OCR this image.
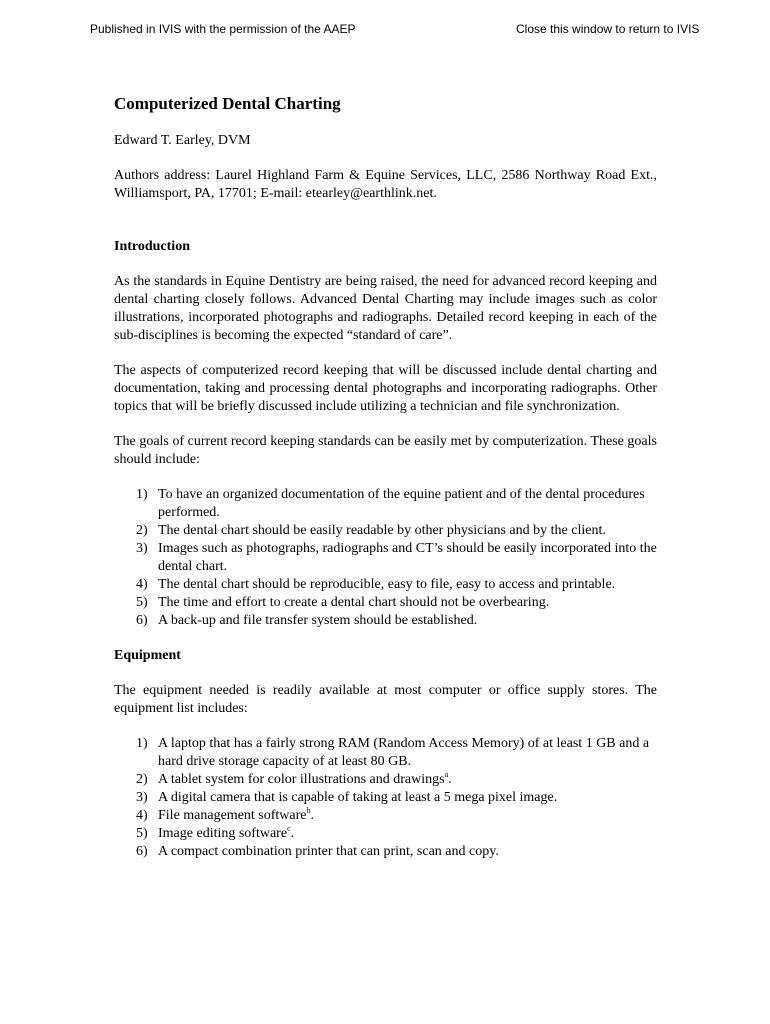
Published in IVIS with the permission of the AAEP	Close this window to return to IVIS
Computerized Dental Charting

Edward T. Earley, DVM

Authors address: Laurel Highland Farm & Equine Services, LLC, 2586 Northway Road Ext., Williamsport, PA, 17701; E-mail: etearley@earthlink.net.

Introduction

As the standards in Equine Dentistry are being raised, the need for advanced record keeping and dental charting closely follows. Advanced Dental Charting may include images such as color illustrations, incorporated photographs and radiographs. Detailed record keeping in each of the sub-disciplines is becoming the expected “standard of care”.

The aspects of computerized record keeping that will be discussed include dental charting and documentation, taking and processing dental photographs and incorporating radiographs. Other topics that will be briefly discussed include utilizing a technician and file synchronization.

The goals of current record keeping standards can be easily met by computerization. These goals should include:

1) To have an organized documentation of the equine patient and of the dental procedures performed.
2) The dental chart should be easily readable by other physicians and by the client.
3) Images such as photographs, radiographs and CT’s should be easily incorporated into the dental chart.
4) The dental chart should be reproducible, easy to file, easy to access and printable.
5) The time and effort to create a dental chart should not be overbearing.
6) A back-up and file transfer system should be established.
Equipment

The equipment needed is readily available at most computer or office supply stores. The equipment list includes:

1) A laptop that has a fairly strong RAM (Random Access Memory) of at least 1 GB and a hard drive storage capacity of at least 80 GB.
2) A tablet system for color illustrations and drawings$^a$.
3) A digital camera that is capable of taking at least a 5 mega pixel image.
4) File management software$^b$.
5) Image editing software$^c$.
6) A compact combination printer that can print, scan and copy.
